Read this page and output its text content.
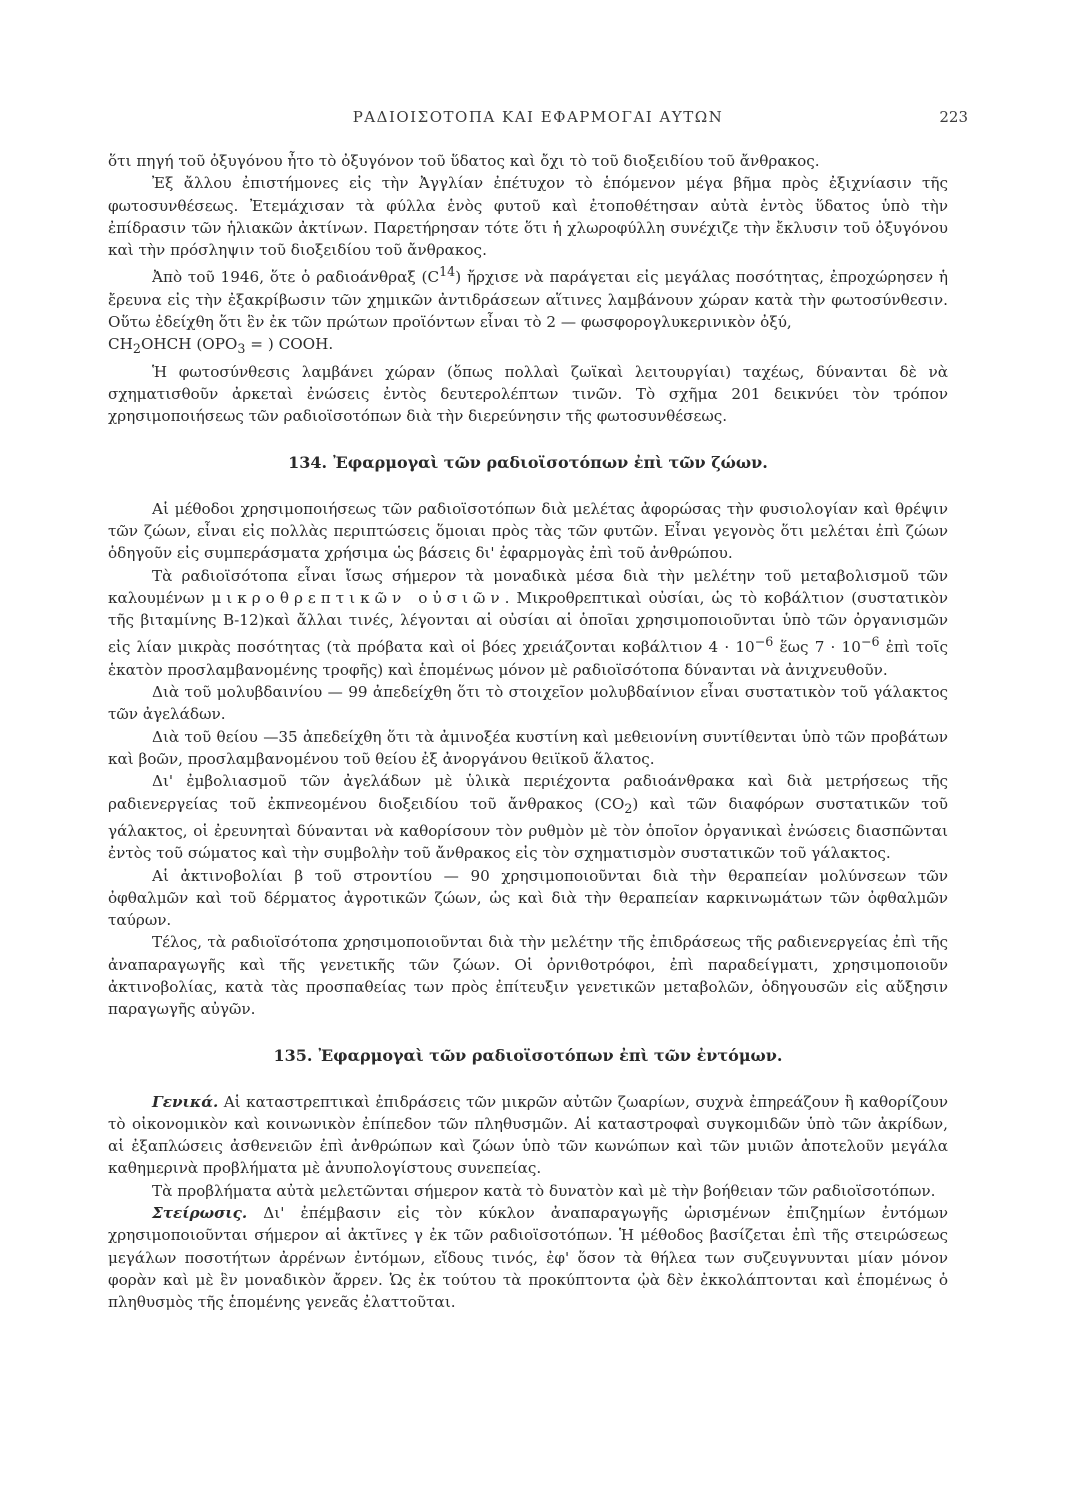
ΡΑΔΙΟΙΣΟΤΟΠΑ ΚΑΙ ΕΦΑΡΜΟΓΑΙ ΑΥΤΩΝ	223

ὅτι πηγή τοῦ ὀξυγόνου ἦτο τὸ ὀξυγόνον τοῦ ὕδατος καὶ ὄχι τὸ τοῦ διοξειδίου τοῦ ἄνθρακος.

Ἐξ ἄλλου ἐπιστήμονες εἰς τὴν Ἀγγλίαν ἐπέτυχον τὸ ἑπόμενον μέγα βῆμα πρὸς ἐξιχνίασιν τῆς φωτοσυνθέσεως. Ἐτεμάχισαν τὰ φύλλα ἑνὸς φυτοῦ καὶ ἐτοποθέτησαν αὐτὰ ἐντὸς ὕδατος ὑπὸ τὴν ἐπίδρασιν τῶν ἡλιακῶν ἀκτίνων. Παρετήρησαν τότε ὅτι ἡ χλωροφύλλη συνέχιζε τὴν ἔκλυσιν τοῦ ὀξυγόνου καὶ τὴν πρόσληψιν τοῦ διοξειδίου τοῦ ἄνθρακος.

Ἀπὸ τοῦ 1946, ὅτε ὁ ραδιοάνθραξ $(C^{14})$ ἤρχισε νὰ παράγεται εἰς μεγάλας ποσότητας, ἐπροχώρησεν ἡ ἔρευνα εἰς τὴν ἐξακρίβωσιν τῶν χημικῶν ἀντιδράσεων αἵτινες λαμβάνουν χώραν κατὰ τὴν φωτοσύνθεσιν. Οὕτω ἐδείχθη ὅτι ἓν ἐκ τῶν πρώτων προϊόντων εἶναι τὸ 2 — φωσφορογλυκερινικὸν ὀξύ,
$CH_2OHCH$ ($OPO_3$ = ) COOH.

Ἡ φωτοσύνθεσις λαμβάνει χώραν (ὅπως πολλαὶ ζωϊκαὶ λειτουργίαι) ταχέως, δύνανται δὲ νὰ σχηματισθοῦν ἀρκεταὶ ἐνώσεις ἐντὸς δευτερολέπτων τινῶν. Τὸ σχῆμα 201 δεικνύει τὸν τρόπον χρησιμοποιήσεως τῶν ραδιοϊσοτόπων διὰ τὴν διερεύνησιν τῆς φωτοσυνθέσεως.

134. Ἐφαρμογαὶ τῶν ραδιοϊσοτόπων ἐπὶ τῶν ζώων.

Αἱ μέθοδοι χρησιμοποιήσεως τῶν ραδιοϊσοτόπων διὰ μελέτας ἀφορώσας τὴν φυσιολογίαν καὶ θρέψιν τῶν ζώων, εἶναι εἰς πολλὰς περιπτώσεις ὅμοιαι πρὸς τὰς τῶν φυτῶν. Εἶναι γεγονὸς ὅτι μελέται ἐπὶ ζώων ὁδηγοῦν εἰς συμπεράσματα χρήσιμα ὡς βάσεις δι' ἐφαρμογὰς ἐπὶ τοῦ ἀνθρώπου.

Τὰ ραδιοϊσότοπα εἶναι ἴσως σήμερον τὰ μοναδικὰ μέσα διὰ τὴν μελέτην τοῦ μεταβολισμοῦ τῶν καλουμένων μικροθρεπτικῶν οὐσιῶν. Μικροθρεπτικαὶ οὐσίαι, ὡς τὸ κοβάλτιον (συστατικὸν τῆς βιταμίνης Β-12)καὶ ἄλλαι τινές, λέγονται αἱ οὐσίαι αἱ ὁποῖαι χρησιμοποιοῦνται ὑπὸ τῶν ὀργανισμῶν εἰς λίαν μικρὰς ποσότητας (τὰ πρόβατα καὶ οἱ βόες χρειάζονται κοβάλτιον $4 \cdot 10^{-6}$ ἕως $7 \cdot 10^{-6}$ ἐπὶ τοῖς ἑκατὸν προσλαμβανομένης τροφῆς) καὶ ἑπομένως μόνον μὲ ραδιοϊσότοπα δύνανται νὰ ἀνιχνευθοῦν.

Διὰ τοῦ μολυβδαινίου — 99 ἀπεδείχθη ὅτι τὸ στοιχεῖον μολυβδαίνιον εἶναι συστατικὸν τοῦ γάλακτος τῶν ἀγελάδων.

Διὰ τοῦ θείου —35 ἀπεδείχθη ὅτι τὰ ἀμινοξέα κυστίνη καὶ μεθειονίνη συντίθενται ὑπὸ τῶν προβάτων καὶ βοῶν, προσλαμβανομένου τοῦ θείου ἐξ ἀνοργάνου θειϊκοῦ ἅλατος.

Δι' ἐμβολιασμοῦ τῶν ἀγελάδων μὲ ὑλικὰ περιέχοντα ραδιοάνθρακα καὶ διὰ μετρήσεως τῆς ραδιενεργείας τοῦ ἐκπνεομένου διοξειδίου τοῦ ἄνθρακος $(CO_2)$ καὶ τῶν διαφόρων συστατικῶν τοῦ γάλακτος, οἱ ἐρευνηταὶ δύνανται νὰ καθορίσουν τὸν ρυθμὸν μὲ τὸν ὁποῖον ὀργανικαὶ ἐνώσεις διασπῶνται ἐντὸς τοῦ σώματος καὶ τὴν συμβολὴν τοῦ ἄνθρακος εἰς τὸν σχηματισμὸν συστατικῶν τοῦ γάλακτος.

Αἱ ἀκτινοβολίαι β τοῦ στροντίου — 90 χρησιμοποιοῦνται διὰ τὴν θεραπείαν μολύνσεων τῶν ὀφθαλμῶν καὶ τοῦ δέρματος ἀγροτικῶν ζώων, ὡς καὶ διὰ τὴν θεραπείαν καρκινωμάτων τῶν ὀφθαλμῶν ταύρων.

Τέλος, τὰ ραδιοϊσότοπα χρησιμοποιοῦνται διὰ τὴν μελέτην τῆς ἐπιδράσεως τῆς ραδιενεργείας ἐπὶ τῆς ἀναπαραγωγῆς καὶ τῆς γενετικῆς τῶν ζώων. Οἱ ὀρνιθοτρόφοι, ἐπὶ παραδείγματι, χρησιμοποιοῦν ἀκτινοβολίας, κατὰ τὰς προσπαθείας των πρὸς ἐπίτευξιν γενετικῶν μεταβολῶν, ὁδηγουσῶν εἰς αὔξησιν παραγωγῆς αὐγῶν.

135. Ἐφαρμογαὶ τῶν ραδιοϊσοτόπων ἐπὶ τῶν ἐντόμων.

Γενικά. Αἱ καταστρεπτικαὶ ἐπιδράσεις τῶν μικρῶν αὐτῶν ζωαρίων, συχνὰ ἐπηρεάζουν ἢ καθορίζουν τὸ οἰκονομικὸν καὶ κοινωνικὸν ἐπίπεδον τῶν πληθυσμῶν. Αἱ καταστροφαὶ συγκομιδῶν ὑπὸ τῶν ἀκρίδων, αἱ ἐξαπλώσεις ἀσθενειῶν ἐπὶ ἀνθρώπων καὶ ζώων ὑπὸ τῶν κωνώπων καὶ τῶν μυιῶν ἀποτελοῦν μεγάλα καθημερινὰ προβλήματα μὲ ἀνυπολογίστους συνεπείας.

Τὰ προβλήματα αὐτὰ μελετῶνται σήμερον κατὰ τὸ δυνατὸν καὶ μὲ τὴν βοήθειαν τῶν ραδιοϊσοτόπων.

Στείρωσις. Δι' ἐπέμβασιν εἰς τὸν κύκλον ἀναπαραγωγῆς ὡρισμένων ἐπιζημίων ἐντόμων χρησιμοποιοῦνται σήμερον αἱ ἀκτῖνες γ ἐκ τῶν ραδιοϊσοτόπων. Ἡ μέθοδος βασίζεται ἐπὶ τῆς στειρώσεως μεγάλων ποσοτήτων ἀρρένων ἐντόμων, εἴδους τινός, ἐφ' ὅσον τὰ θήλεα των συζευγνυνται μίαν μόνον φορὰν καὶ μὲ ἓν μοναδικὸν ἄρρεν. Ὡς ἐκ τούτου τὰ προκύπτοντα ᾠὰ δὲν ἐκκολάπτονται καὶ ἑπομένως ὁ πληθυσμὸς τῆς ἑπομένης γενεᾶς ἐλαττοῦται.
